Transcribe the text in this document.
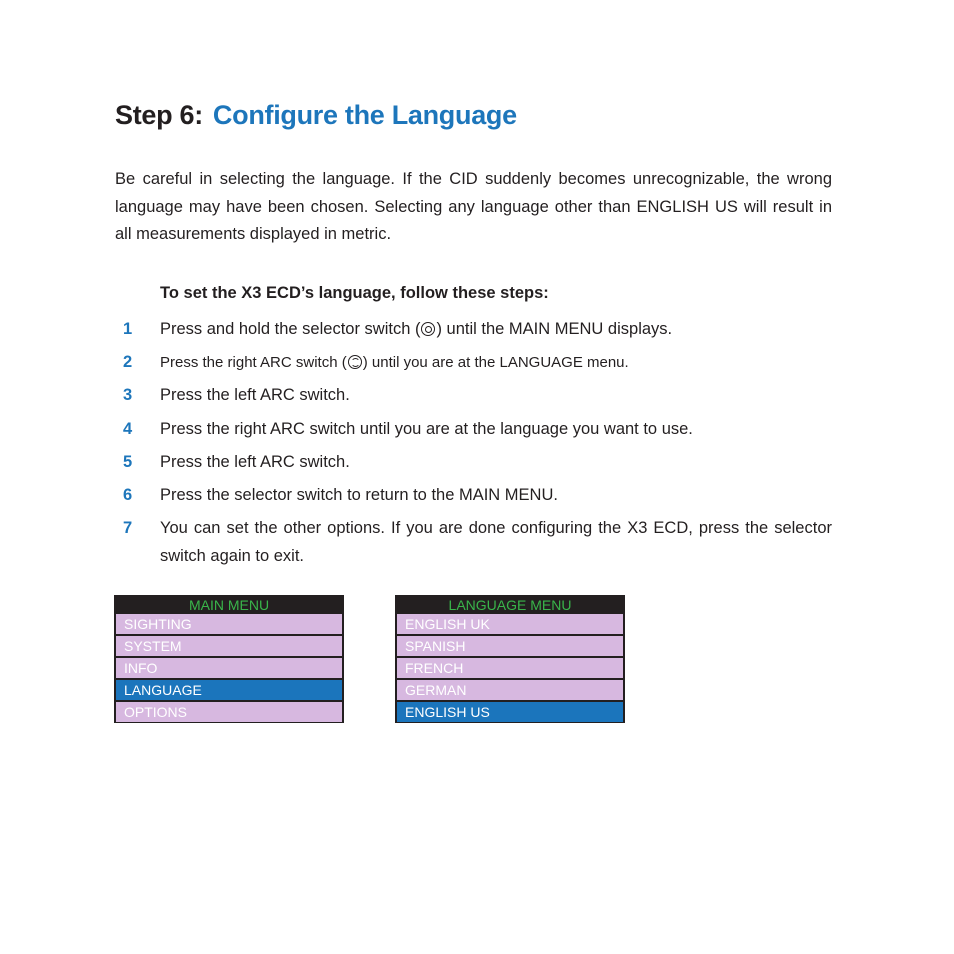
Step 6: Configure the Language

Be careful in selecting the language. If the CID suddenly becomes unrecognizable, the wrong language may have been chosen. Selecting any language other than ENGLISH US will result in all measurements displayed in metric.

To set the X3 ECD’s language, follow these steps:

1 Press and hold the selector switch ( ) until the MAIN MENU displays.
2 Press the right ARC switch ( ) until you are at the LANGUAGE menu.
3 Press the left ARC switch.
4 Press the right ARC switch until you are at the language you want to use.
5 Press the left ARC switch.
6 Press the selector switch to return to the MAIN MENU.
7 You can set the other options. If you are done configuring the X3 ECD, press the selector switch again to exit.
MAIN MENU
SIGHTING
SYSTEM
INFO
LANGUAGE
OPTIONS
LANGUAGE MENU
ENGLISH UK
SPANISH
FRENCH
GERMAN
ENGLISH US
